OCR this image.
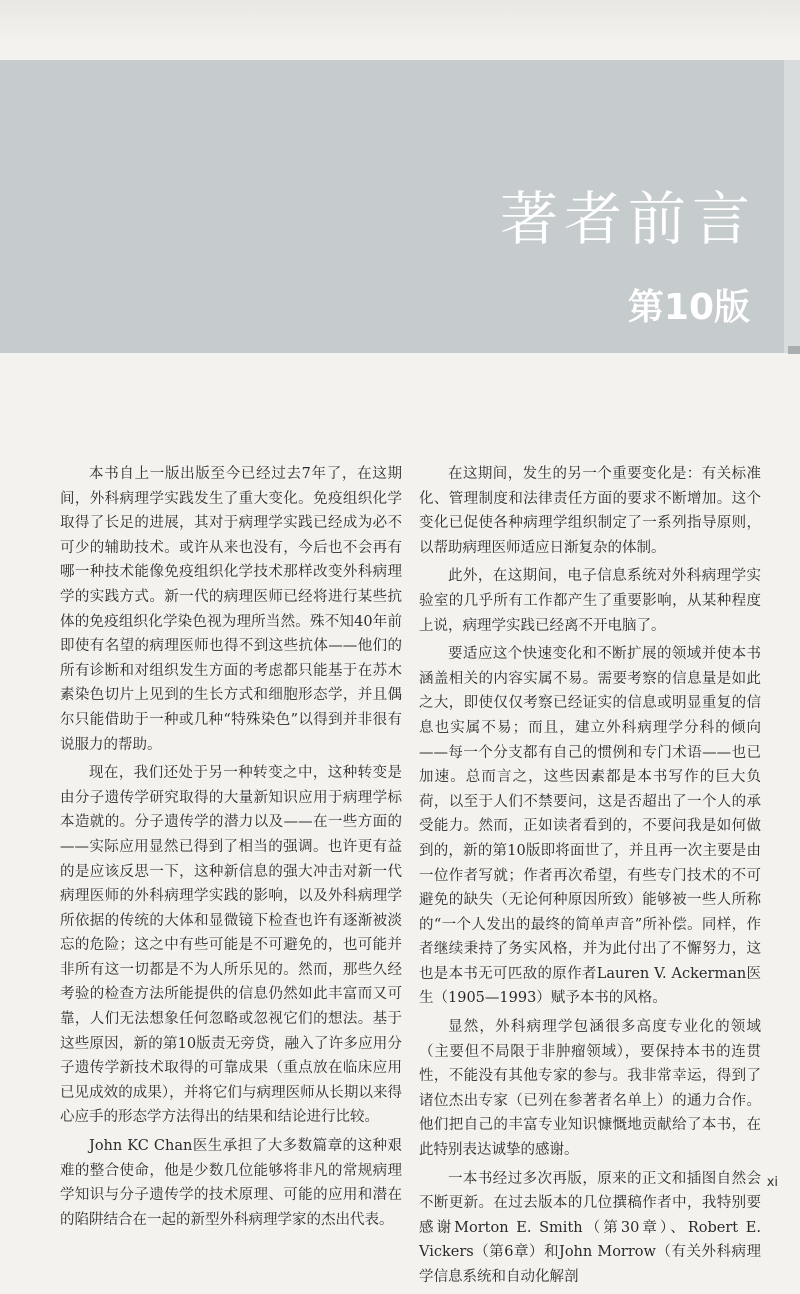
著者前言
第10版

本书自上一版出版至今已经过去7年了，在这期间，外科病理学实践发生了重大变化。免疫组织化学取得了长足的进展，其对于病理学实践已经成为必不可少的辅助技术。或许从来也没有，今后也不会再有哪一种技术能像免疫组织化学技术那样改变外科病理学的实践方式。新一代的病理医师已经将进行某些抗体的免疫组织化学染色视为理所当然。殊不知40年前即使有名望的病理医师也得不到这些抗体——他们的所有诊断和对组织发生方面的考虑都只能基于在苏木素染色切片上见到的生长方式和细胞形态学，并且偶尔只能借助于一种或几种“特殊染色”以得到并非很有说服力的帮助。

现在，我们还处于另一种转变之中，这种转变是由分子遗传学研究取得的大量新知识应用于病理学标本造就的。分子遗传学的潜力以及——在一些方面的——实际应用显然已得到了相当的强调。也许更有益的是应该反思一下，这种新信息的强大冲击对新一代病理医师的外科病理学实践的影响，以及外科病理学所依据的传统的大体和显微镜下检查也许有逐渐被淡忘的危险；这之中有些可能是不可避免的，也可能并非所有这一切都是不为人所乐见的。然而，那些久经考验的检查方法所能提供的信息仍然如此丰富而又可靠，人们无法想象任何忽略或忽视它们的想法。基于这些原因，新的第10版责无旁贷，融入了许多应用分子遗传学新技术取得的可靠成果（重点放在临床应用已见成效的成果），并将它们与病理医师从长期以来得心应手的形态学方法得出的结果和结论进行比较。

John KC Chan医生承担了大多数篇章的这种艰难的整合使命，他是少数几位能够将非凡的常规病理学知识与分子遗传学的技术原理、可能的应用和潜在的陷阱结合在一起的新型外科病理学家的杰出代表。

在这期间，发生的另一个重要变化是：有关标准化、管理制度和法律责任方面的要求不断增加。这个变化已促使各种病理学组织制定了一系列指导原则，以帮助病理医师适应日渐复杂的体制。

此外，在这期间，电子信息系统对外科病理学实验室的几乎所有工作都产生了重要影响，从某种程度上说，病理学实践已经离不开电脑了。

要适应这个快速变化和不断扩展的领域并使本书涵盖相关的内容实属不易。需要考察的信息量是如此之大，即使仅仅考察已经证实的信息或明显重复的信息也实属不易；而且，建立外科病理学分科的倾向——每一个分支都有自己的惯例和专门术语——也已加速。总而言之，这些因素都是本书写作的巨大负荷，以至于人们不禁要问，这是否超出了一个人的承受能力。然而，正如读者看到的，不要问我是如何做到的，新的第10版即将面世了，并且再一次主要是由一位作者写就；作者再次希望，有些专门技术的不可避免的缺失（无论何种原因所致）能够被一些人所称的“一个人发出的最终的简单声音”所补偿。同样，作者继续秉持了务实风格，并为此付出了不懈努力，这也是本书无可匹敌的原作者Lauren V. Ackerman医生（1905—1993）赋予本书的风格。

显然，外科病理学包涵很多高度专业化的领域（主要但不局限于非肿瘤领域），要保持本书的连贯性，不能没有其他专家的参与。我非常幸运，得到了诸位杰出专家（已列在参著者名单上）的通力合作。他们把自己的丰富专业知识慷慨地贡献给了本书，在此特别表达诚挚的感谢。

一本书经过多次再版，原来的正文和插图自然会不断更新。在过去版本的几位撰稿作者中，我特别要感谢Morton E. Smith（第30章）、Robert E. Vickers（第6章）和John Morrow（有关外科病理学信息系统和自动化解剖

xi
